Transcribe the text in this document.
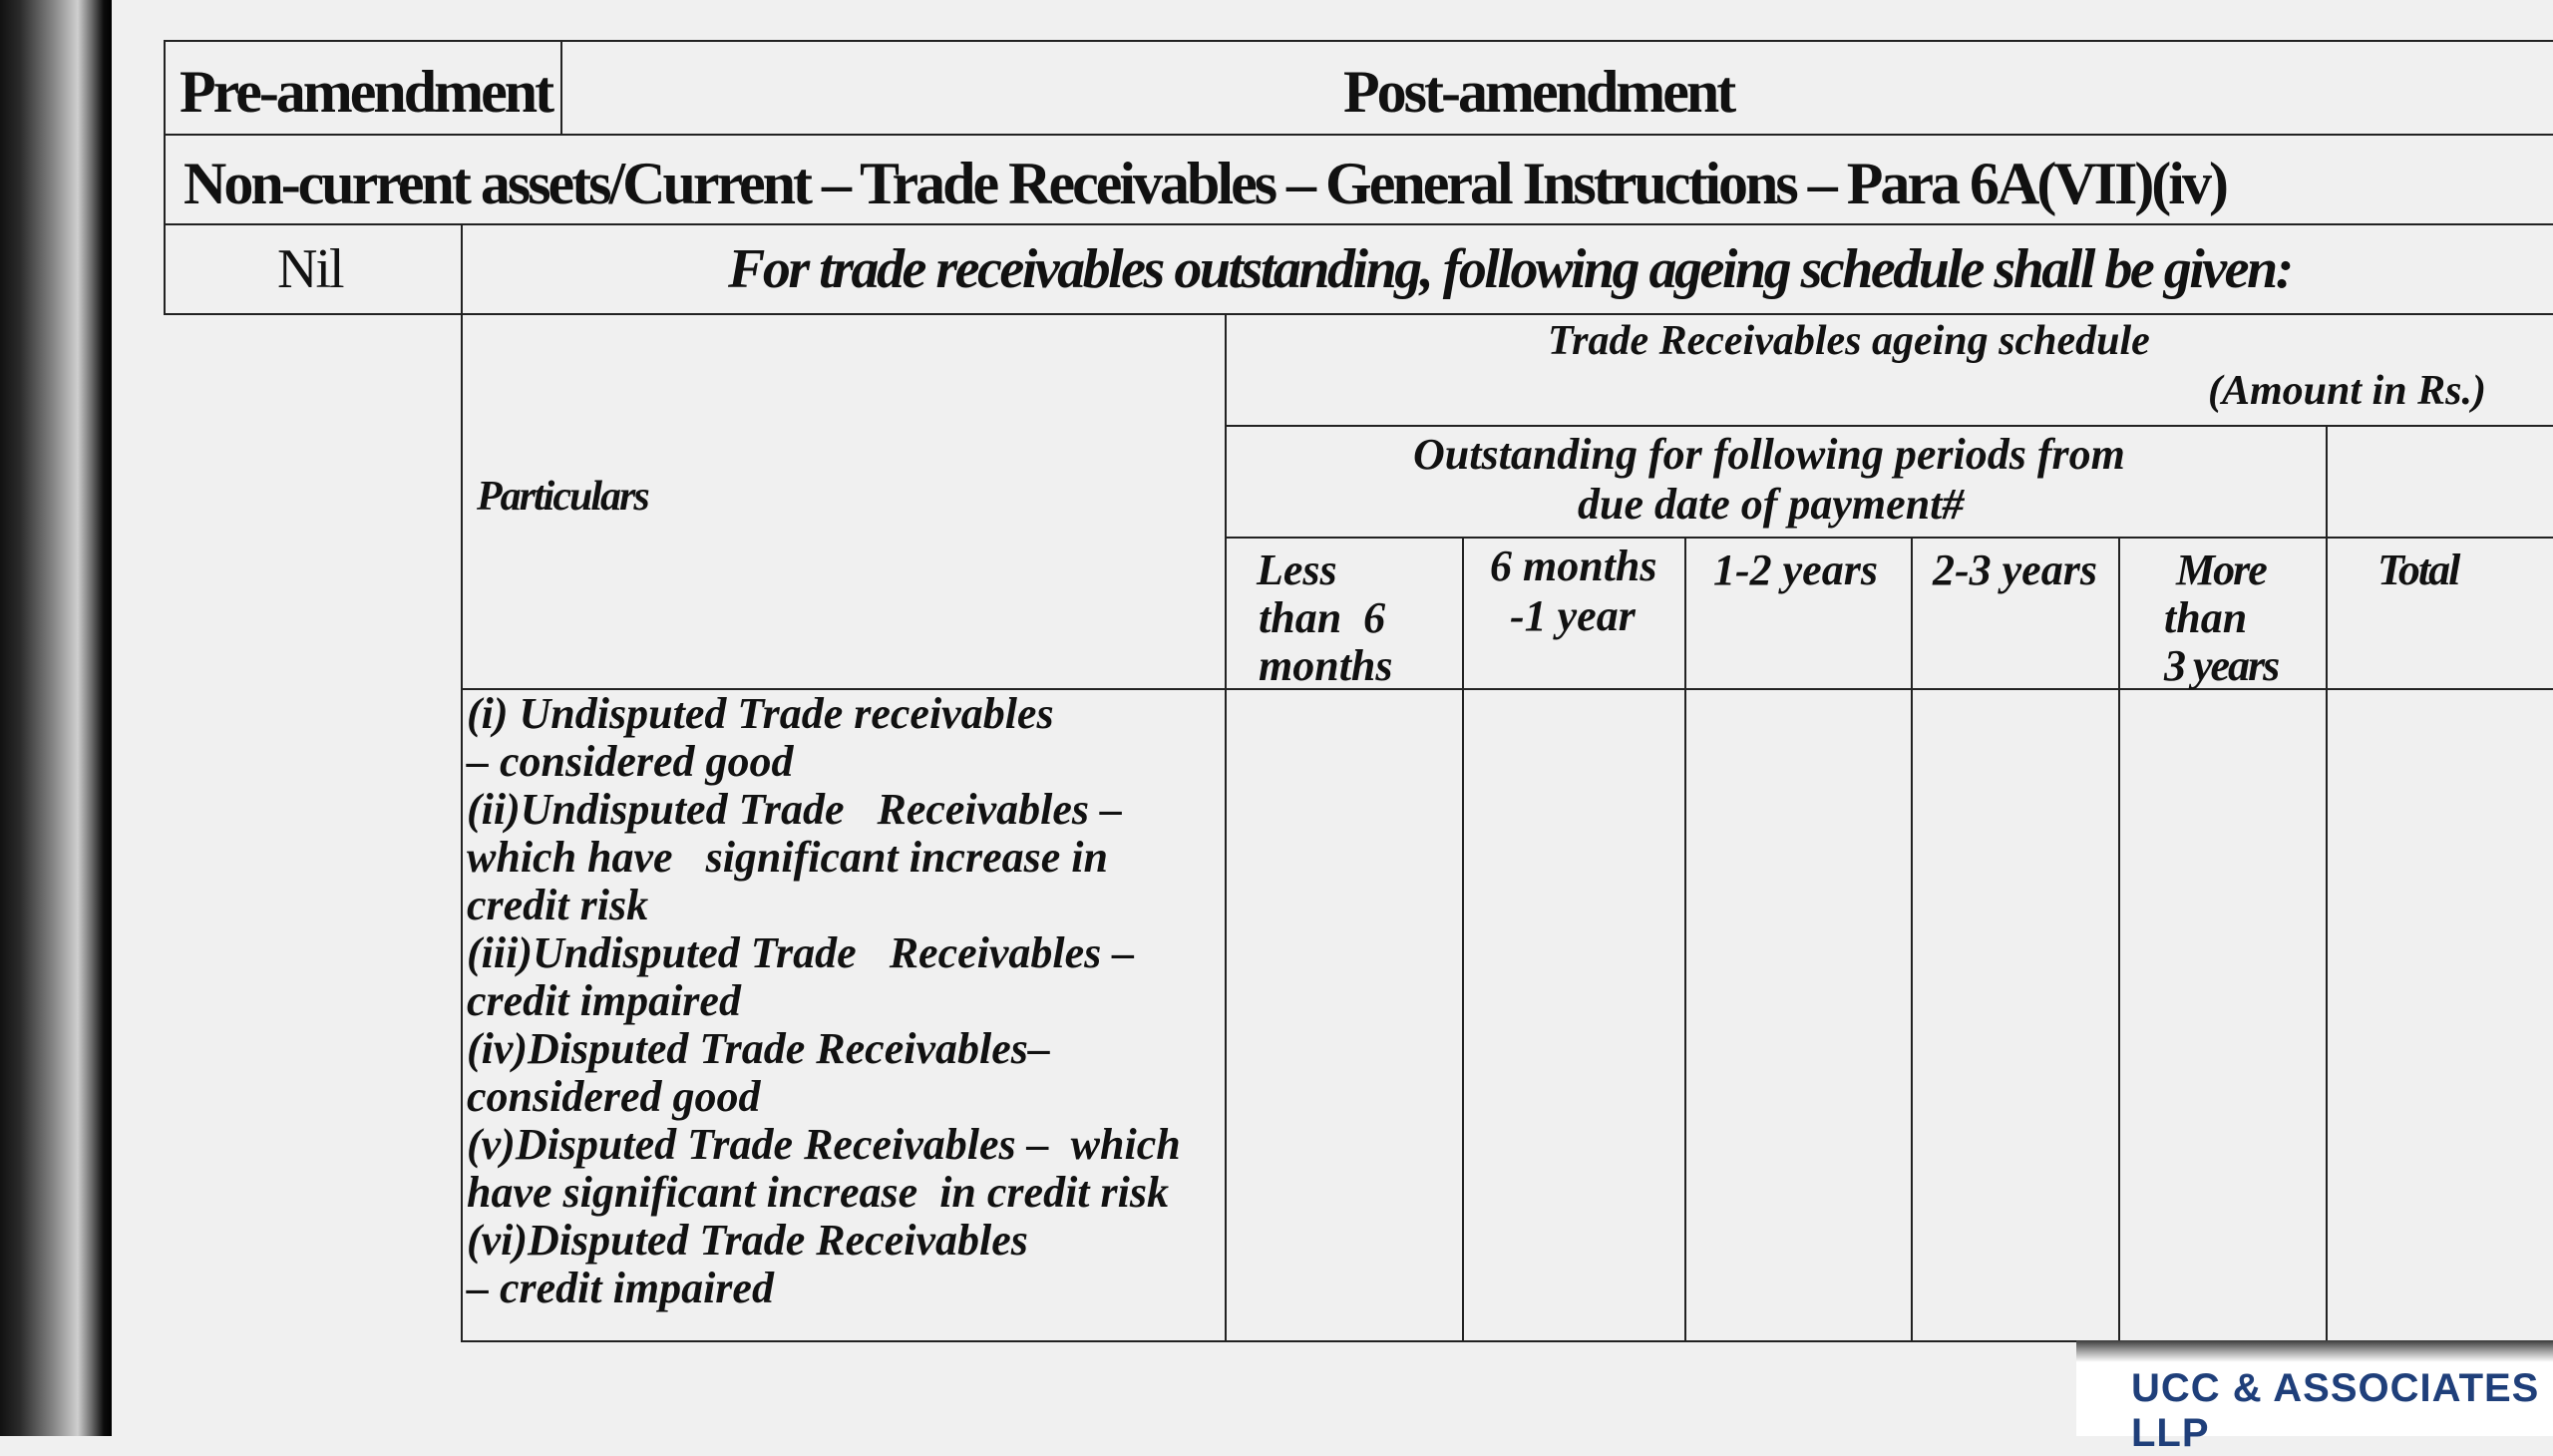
Pre-amendment	Post-amendment
Non-current assets/Current – Trade Receivables – General Instructions – Para 6A(VII)(iv)
Nil	For trade receivables outstanding, following ageing schedule shall be given:
Trade Receivables ageing schedule
(Amount in Rs.)
Particulars
Outstanding for following periods from
due date of payment#
Less
than  6
months
6 months
-1 year
1-2 years 2-3 years More
than
3 years
Total
(i) Undisputed Trade receivables
– considered good
(ii)Undisputed Trade   Receivables –
which have   significant increase in
credit risk
(iii)Undisputed Trade   Receivables –
credit impaired
(iv)Disputed Trade Receivables–
considered good
(v)Disputed Trade Receivables –  which
have significant increase  in credit risk
(vi)Disputed Trade Receivables
– credit impaired
UCC & ASSOCIATES LLP
